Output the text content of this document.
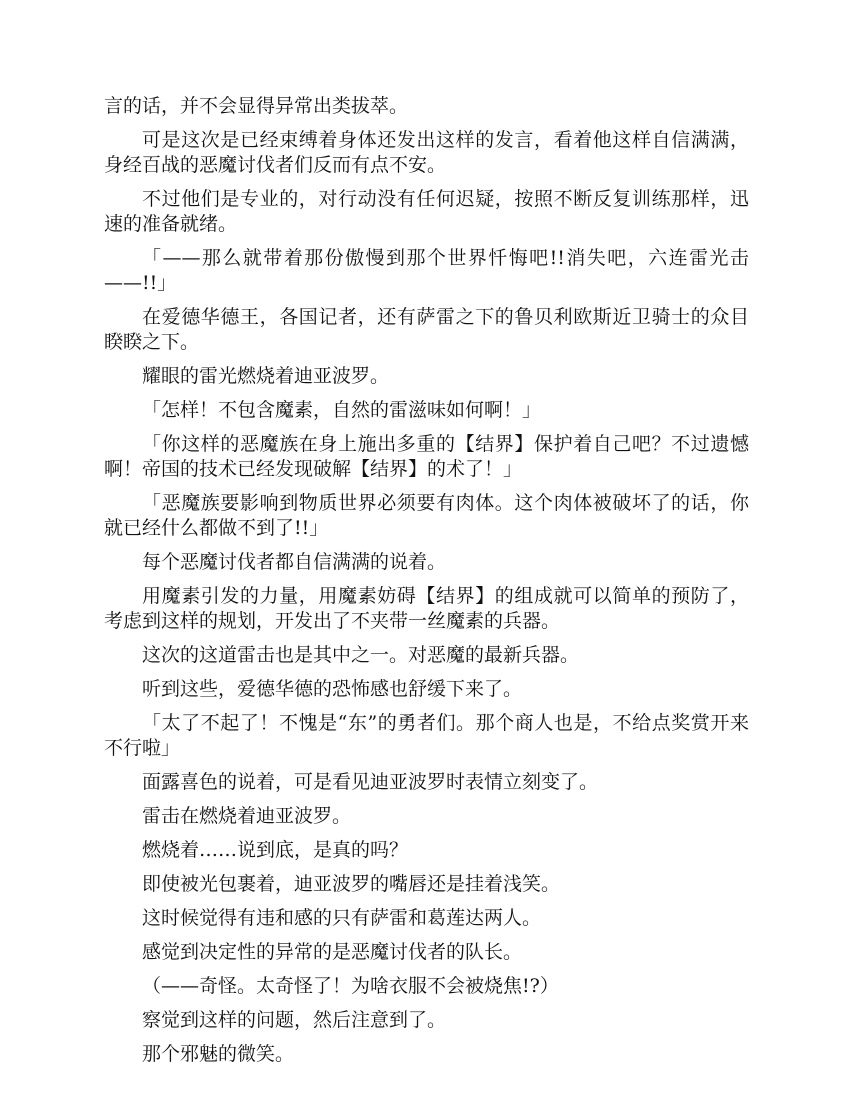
言的话，并不会显得异常出类拔萃。

可是这次是已经束缚着身体还发出这样的发言，看着他这样自信满满，身经百战的恶魔讨伐者们反而有点不安。

不过他们是专业的，对行动没有任何迟疑，按照不断反复训练那样，迅速的准备就绪。

「——那么就带着那份傲慢到那个世界忏悔吧!!消失吧，六连雷光击——!!」

在爱德华德王，各国记者，还有萨雷之下的鲁贝利欧斯近卫骑士的众目睽睽之下。

耀眼的雷光燃烧着迪亚波罗。

「怎样！不包含魔素，自然的雷滋味如何啊！」

「你这样的恶魔族在身上施出多重的【结界】保护着自己吧？不过遗憾啊！帝国的技术已经发现破解【结界】的术了！」

「恶魔族要影响到物质世界必须要有肉体。这个肉体被破坏了的话，你就已经什么都做不到了!!」

每个恶魔讨伐者都自信满满的说着。

用魔素引发的力量，用魔素妨碍【结界】的组成就可以简单的预防了，考虑到这样的规划，开发出了不夹带一丝魔素的兵器。

这次的这道雷击也是其中之一。对恶魔的最新兵器。

听到这些，爱德华德的恐怖感也舒缓下来了。

「太了不起了！不愧是“东”的勇者们。那个商人也是，不给点奖赏开来不行啦」

面露喜色的说着，可是看见迪亚波罗时表情立刻变了。

雷击在燃烧着迪亚波罗。

燃烧着……说到底，是真的吗？

即使被光包裹着，迪亚波罗的嘴唇还是挂着浅笑。

这时候觉得有违和感的只有萨雷和葛莲达两人。

感觉到决定性的异常的是恶魔讨伐者的队长。

（——奇怪。太奇怪了！为啥衣服不会被烧焦!?）

察觉到这样的问题，然后注意到了。

那个邪魅的微笑。
